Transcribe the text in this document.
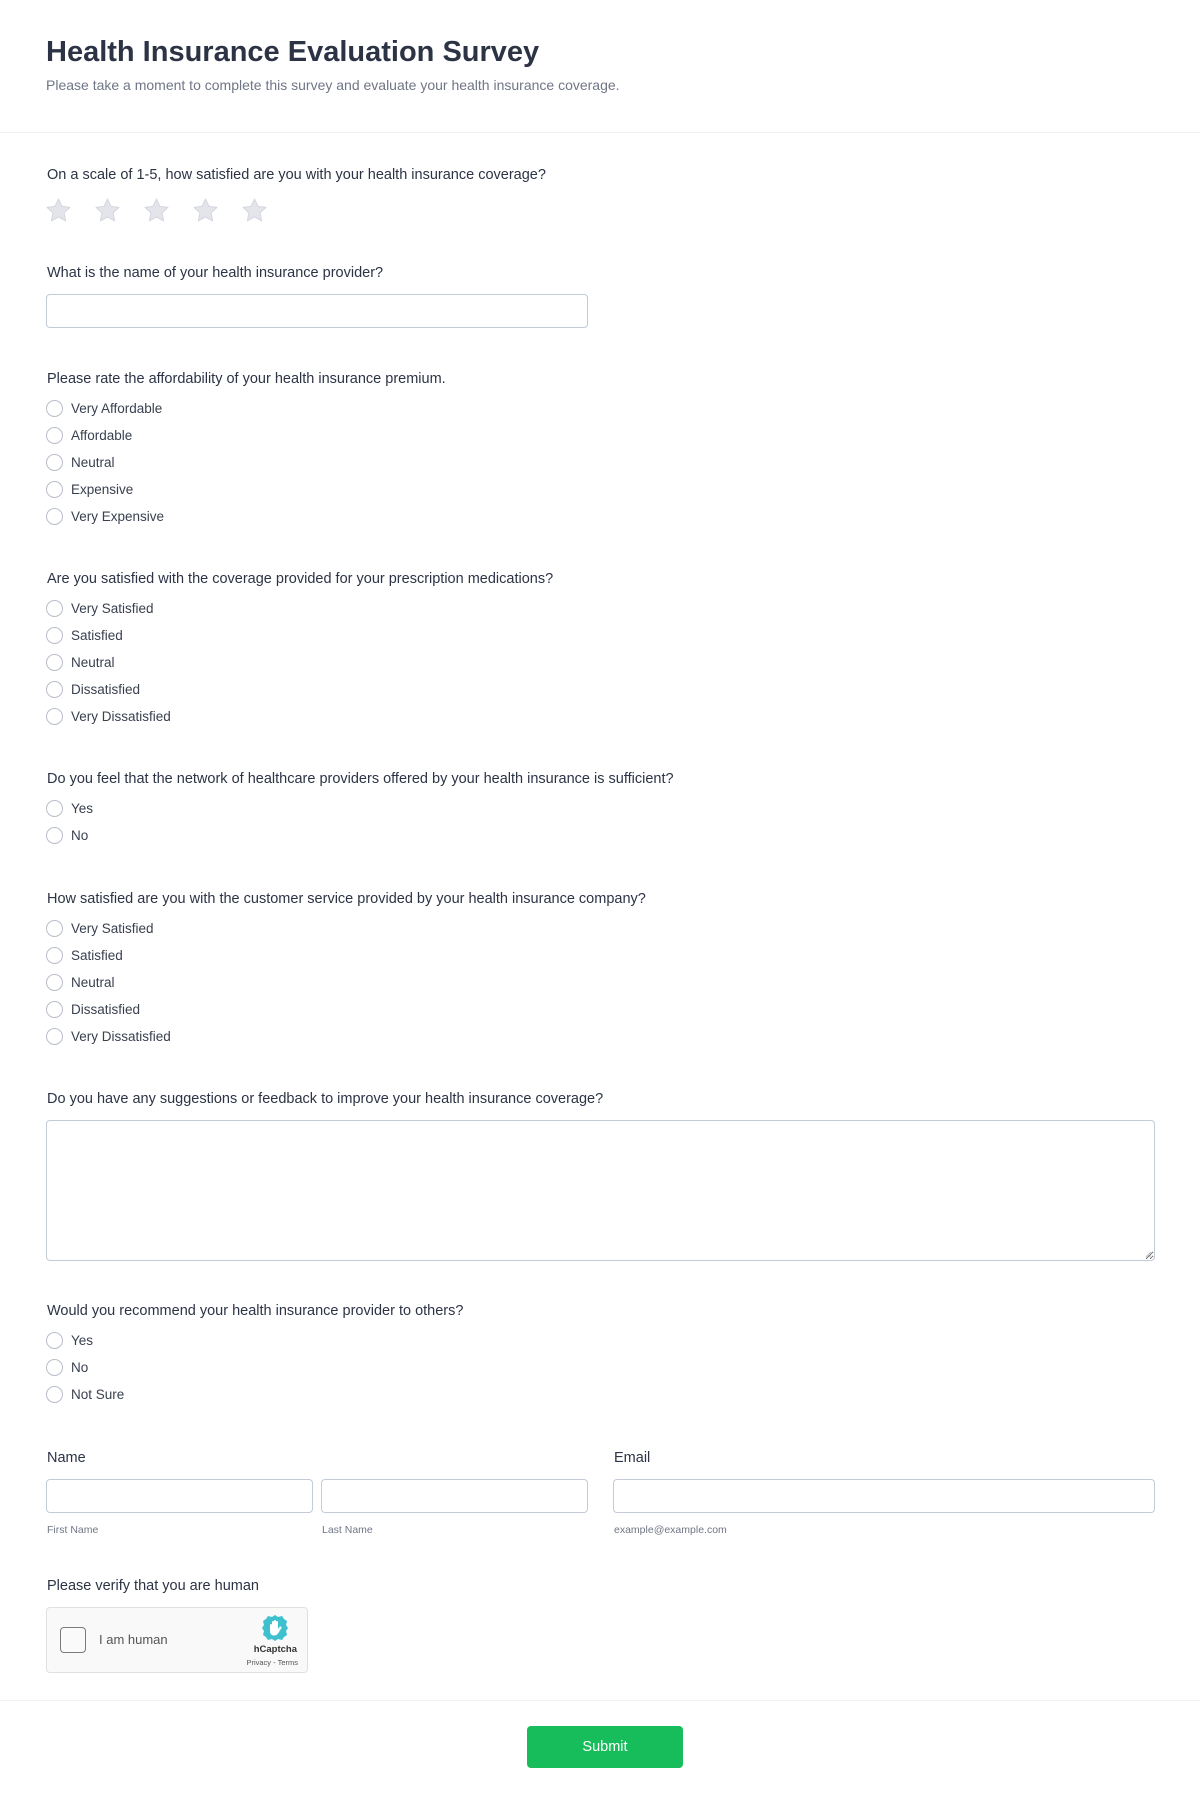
Health Insurance Evaluation Survey

Please take a moment to complete this survey and evaluate your health insurance coverage.

On a scale of 1-5, how satisfied are you with your health insurance coverage?
What is the name of your health insurance provider?
Please rate the affordability of your health insurance premium.
Very Affordable
Affordable
Neutral
Expensive
Very Expensive
Are you satisfied with the coverage provided for your prescription medications?
Very Satisfied
Satisfied
Neutral
Dissatisfied
Very Dissatisfied
Do you feel that the network of healthcare providers offered by your health insurance is sufficient?
Yes
No
How satisfied are you with the customer service provided by your health insurance company?
Very Satisfied
Satisfied
Neutral
Dissatisfied
Very Dissatisfied
Do you have any suggestions or feedback to improve your health insurance coverage?
Would you recommend your health insurance provider to others?
Yes
No
Not Sure
Name
First Name	Last Name
Email
example@example.com
Please verify that you are human
I am human
hCaptcha
Privacy - Terms
Submit
